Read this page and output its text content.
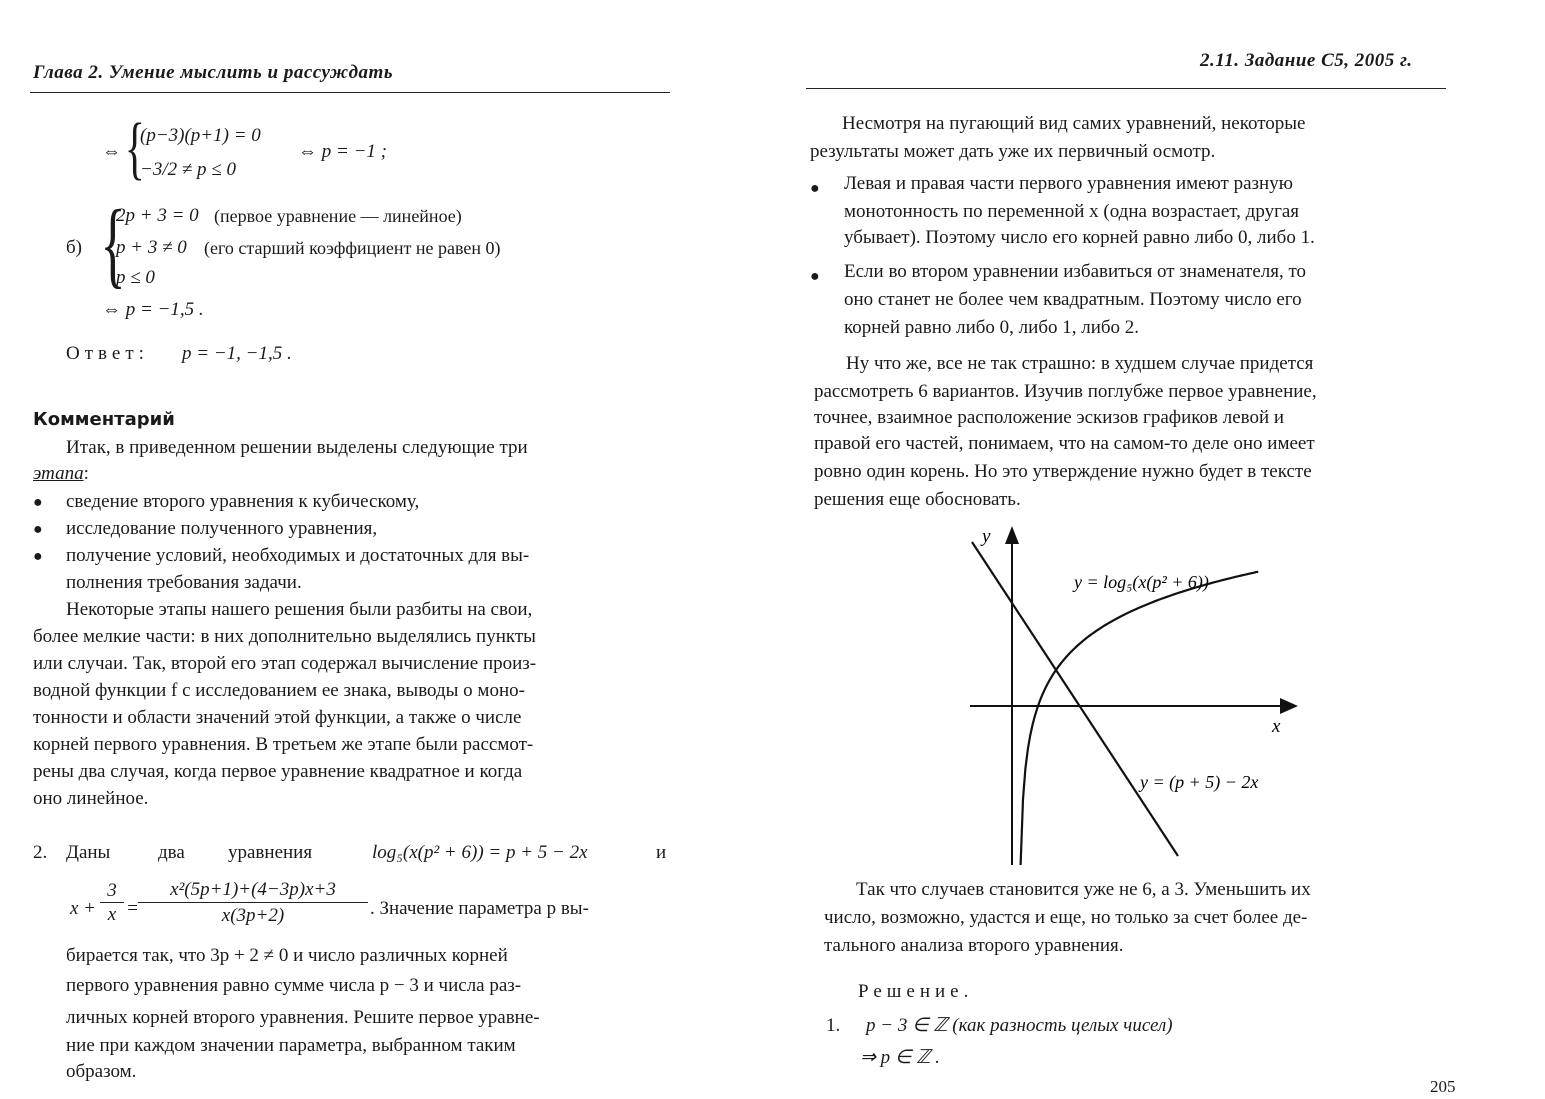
Глава 2. Умение мыслить и рассуждать
⇔ {
(p−3)(p+1) = 0
−3/2 ≠ p ≤ 0
⇔ p = −1 ;
б) {
2p + 3 = 0 (первое уравнение — линейное)
p + 3 ≠ 0 (его старший коэффициент не равен 0)
p ≤ 0
⇔ p = −1,5 .
Ответ: p = −1, −1,5 .
Комментарий
Итак, в приведенном решении выделены следующие три
этапа:
● сведение второго уравнения к кубическому,
● исследование полученного уравнения,
● получение условий, необходимых и достаточных для вы-
полнения требования задачи.
Некоторые этапы нашего решения были разбиты на свои,
более мелкие части: в них дополнительно выделялись пункты
или случаи. Так, второй его этап содержал вычисление произ-
водной функции f с исследованием ее знака, выводы о моно-
тонности и области значений этой функции, а также о числе
корней первого уравнения. В третьем же этапе были рассмот-
рены два случая, когда первое уравнение квадратное и когда
оно линейное.
2. Даны	два уравнения	log₅(x(p² + 6)) = p + 5 − 2x	и
$x + \frac{3}{x} = \frac{\text{x²(5p+1)+(4−3p)x+3}}{x(3p+2)}$ . Значение параметра p вы-
бирается так, что 3p + 2 ≠ 0 и число различных корней
первого уравнения равно сумме числа p − 3 и числа раз-
личных корней второго уравнения. Решите первое уравне-
ние при каждом значении параметра, выбранном таким
образом.
2.11. Задание С5, 2005 г.
Несмотря на пугающий вид самих уравнений, некоторые
результаты может дать уже их первичный осмотр.
● Левая и правая части первого уравнения имеют разную
монотонность по переменной x (одна возрастает, другая
убывает). Поэтому число его корней равно либо 0, либо 1.
● Если во втором уравнении избавиться от знаменателя, то
оно станет не более чем квадратным. Поэтому число его
корней равно либо 0, либо 1, либо 2.
Ну что же, все не так страшно: в худшем случае придется
рассмотреть 6 вариантов. Изучив поглубже первое уравнение,
точнее, взаимное расположение эскизов графиков левой и
правой его частей, понимаем, что на самом-то деле оно имеет
ровно один корень. Но это утверждение нужно будет в тексте
решения еще обосновать.
y
x
y = log₅(x(p² + 6))
y = (p + 5) − 2x
Так что случаев становится уже не 6, а 3. Уменьшить их
число, возможно, удастся и еще, но только за счет более де-
тального анализа второго уравнения.
Решение.
1. p − 3 ∈ ℤ (как разность целых чисел)
⇒ p ∈ ℤ .
205
